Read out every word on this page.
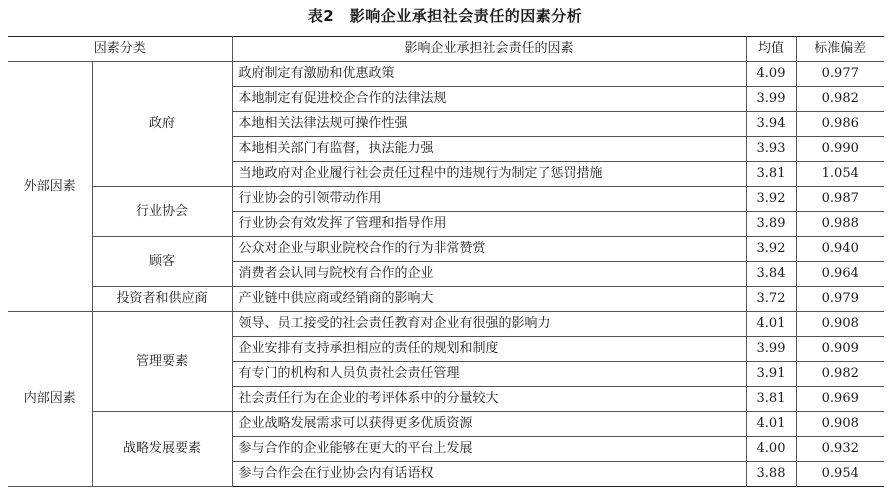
表2　影响企业承担社会责任的因素分析
因素分类		影响企业承担社会责任的因素	均值	标准偏差
外部因素	政府	政府制定有激励和优惠政策	4.09	0.977
		本地制定有促进校企合作的法律法规	3.99	0.982
		本地相关法律法规可操作性强	3.94	0.986
		本地相关部门有监督，执法能力强	3.93	0.990
		当地政府对企业履行社会责任过程中的违规行为制定了惩罚措施	3.81	1.054
	行业协会	行业协会的引领带动作用	3.92	0.987
		行业协会有效发挥了管理和指导作用	3.89	0.988
	顾客	公众对企业与职业院校合作的行为非常赞赏	3.92	0.940
		消费者会认同与院校有合作的企业	3.84	0.964
	投资者和供应商	产业链中供应商或经销商的影响大	3.72	0.979
内部因素	管理要素	领导、员工接受的社会责任教育对企业有很强的影响力	4.01	0.908
		企业安排有支持承担相应的责任的规划和制度	3.99	0.909
		有专门的机构和人员负责社会责任管理	3.91	0.982
		社会责任行为在企业的考评体系中的分量较大	3.81	0.969
	战略发展要素	企业战略发展需求可以获得更多优质资源	4.01	0.908
		参与合作的企业能够在更大的平台上发展	4.00	0.932
		参与合作会在行业协会内有话语权	3.88	0.954
